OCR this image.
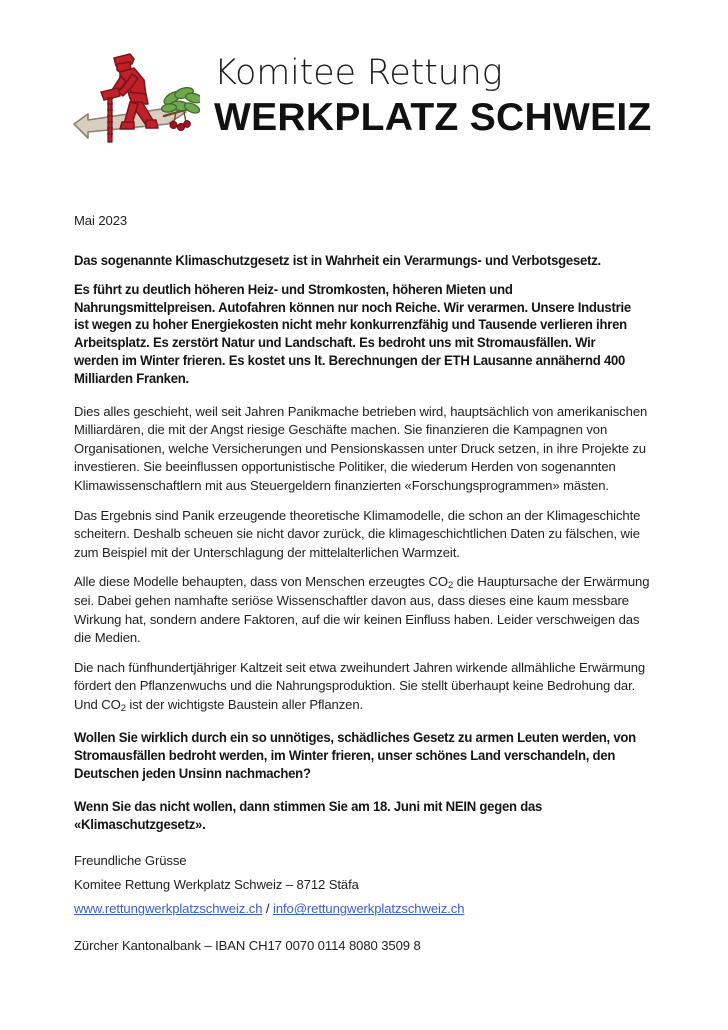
Komitee Rettung
WERKPLATZ SCHWEIZ
Mai 2023
Das sogenannte Klimaschutzgesetz ist in Wahrheit ein Verarmungs- und Verbotsgesetz.
Es führt zu deutlich höheren Heiz- und Stromkosten, höheren Mieten und Nahrungsmittelpreisen. Autofahren können nur noch Reiche. Wir verarmen. Unsere Industrie ist wegen zu hoher Energiekosten nicht mehr konkurrenzfähig und Tausende verlieren ihren Arbeitsplatz. Es zerstört Natur und Landschaft. Es bedroht uns mit Stromausfällen. Wir werden im Winter frieren. Es kostet uns lt. Berechnungen der ETH Lausanne annähernd 400 Milliarden Franken.
Dies alles geschieht, weil seit Jahren Panikmache betrieben wird, hauptsächlich von amerikanischen Milliardären, die mit der Angst riesige Geschäfte machen. Sie finanzieren die Kampagnen von Organisationen, welche Versicherungen und Pensionskassen unter Druck setzen, in ihre Projekte zu investieren. Sie beeinflussen opportunistische Politiker, die wiederum Herden von sogenannten Klimawissenschaftlern mit aus Steuergeldern finanzierten «Forschungsprogrammen» mästen.
Das Ergebnis sind Panik erzeugende theoretische Klimamodelle, die schon an der Klimageschichte scheitern. Deshalb scheuen sie nicht davor zurück, die klimageschichtlichen Daten zu fälschen, wie zum Beispiel mit der Unterschlagung der mittelalterlichen Warmzeit.
Alle diese Modelle behaupten, dass von Menschen erzeugtes $CO_2$ die Hauptursache der Erwärmung sei. Dabei gehen namhafte seriöse Wissenschaftler davon aus, dass dieses eine kaum messbare Wirkung hat, sondern andere Faktoren, auf die wir keinen Einfluss haben. Leider verschweigen das die Medien.
Die nach fünfhundertjähriger Kaltzeit seit etwa zweihundert Jahren wirkende allmähliche Erwärmung fördert den Pflanzenwuchs und die Nahrungsproduktion. Sie stellt überhaupt keine Bedrohung dar. Und $CO_2$ ist der wichtigste Baustein aller Pflanzen.
Wollen Sie wirklich durch ein so unnötiges, schädliches Gesetz zu armen Leuten werden, von Stromausfällen bedroht werden, im Winter frieren, unser schönes Land verschandeln, den Deutschen jeden Unsinn nachmachen?
Wenn Sie das nicht wollen, dann stimmen Sie am 18. Juni mit NEIN gegen das «Klimaschutzgesetz».
Freundliche Grüsse
Komitee Rettung Werkplatz Schweiz – 8712 Stäfa
www.rettungwerkplatzschweiz.ch / info@rettungwerkplatzschweiz.ch
Zürcher Kantonalbank – IBAN CH17 0070 0114 8080 3509 8
